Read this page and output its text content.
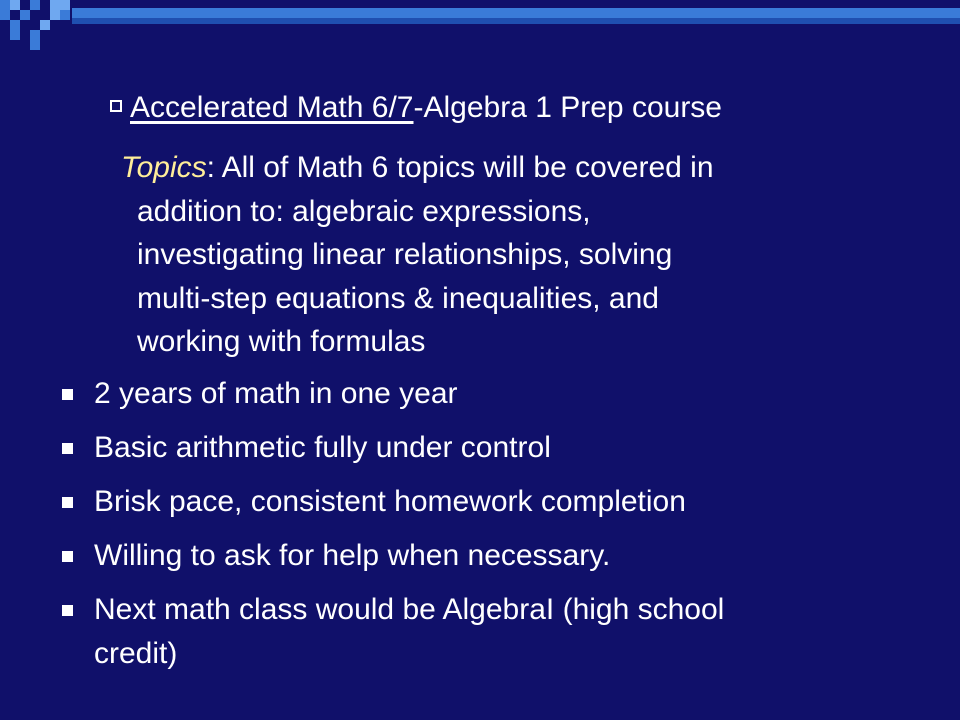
Accelerated Math 6/7-Algebra 1 Prep course
Topics: All of Math 6 topics will be covered in
addition to: algebraic expressions,
investigating linear relationships, solving
multi-step equations & inequalities, and
working with formulas
2 years of math in one year
Basic arithmetic fully under control
Brisk pace, consistent homework completion
Willing to ask for help when necessary.
Next math class would be AlgebraI (high school
credit)
